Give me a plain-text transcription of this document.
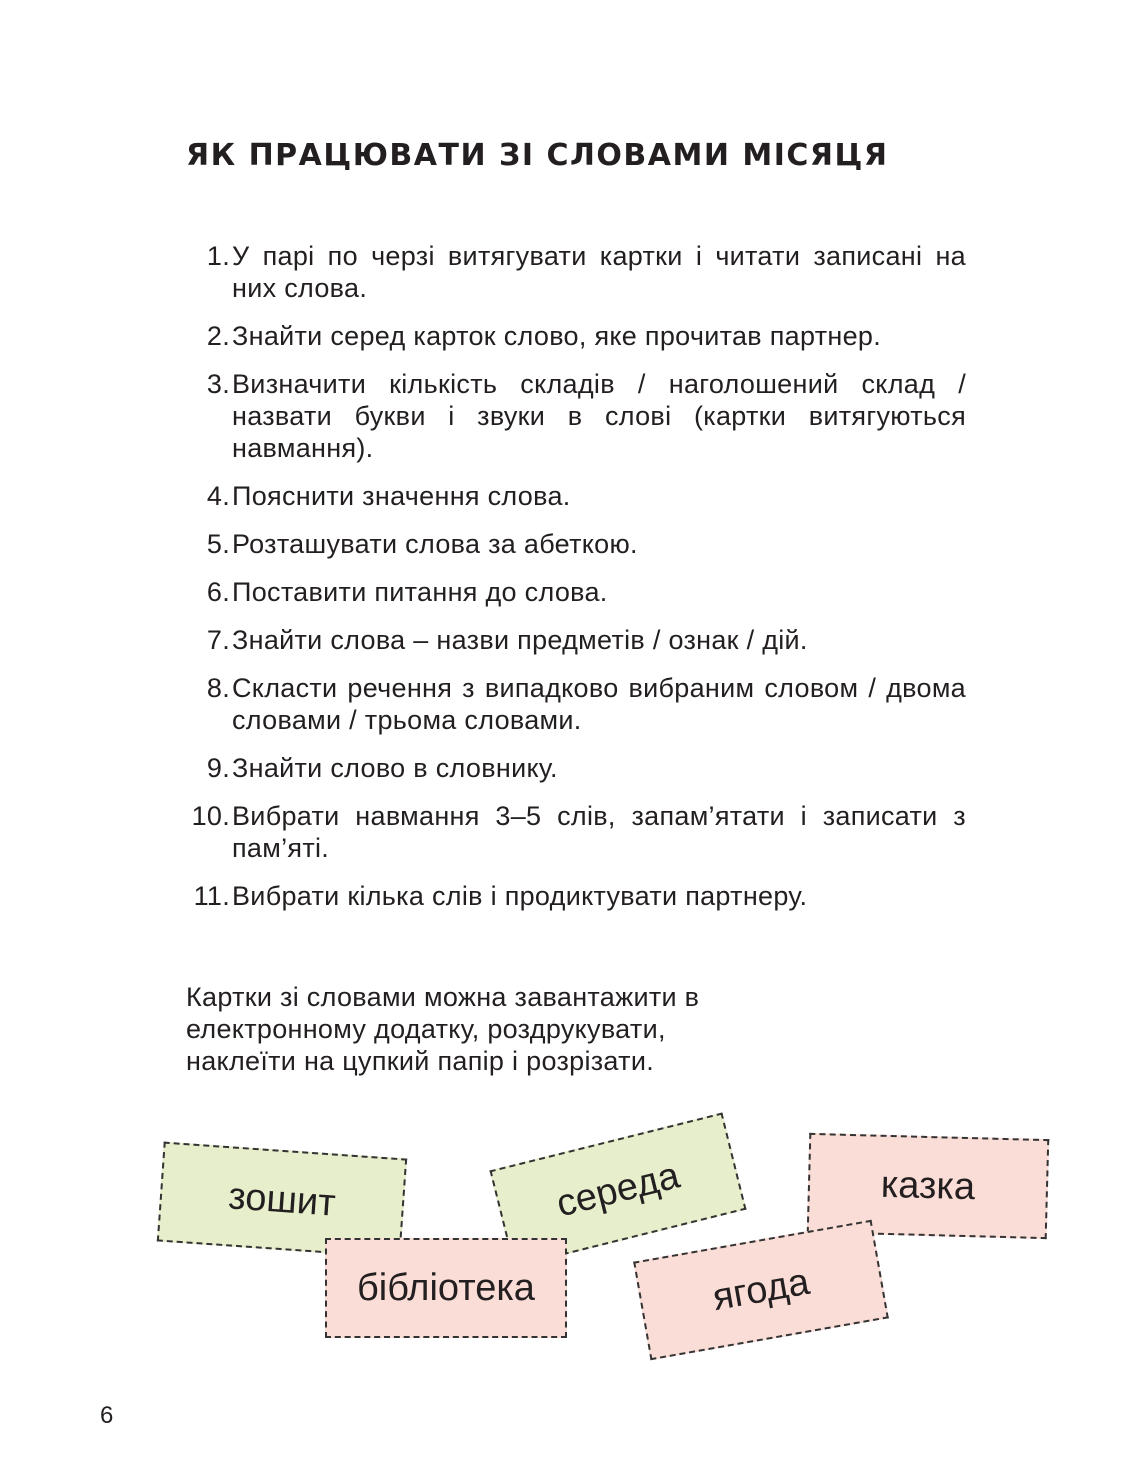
ЯК ПРАЦЮВАТИ ЗІ СЛОВАМИ МІСЯЦЯ
1. У парі по черзі витягувати картки і читати записані на них слова.
2. Знайти серед карток слово, яке прочитав партнер.
3. Визначити кількість складів / наголошений склад / назвати букви і звуки в слові (картки витягуються навмання).
4. Пояснити значення слова.
5. Розташувати слова за абеткою.
6. Поставити питання до слова.
7. Знайти слова – назви предметів / ознак / дій.
8. Скласти речення з випадково вибраним словом / двома словами / трьома словами.
9. Знайти слово в словнику.
10. Вибрати навмання 3–5 слів, запам’ятати і записати з пам’яті.
11. Вибрати кілька слів і продиктувати партнеру.

Картки зі словами можна завантажити в електронному додатку, роздрукувати, наклеїти на цупкий папір і розрізати.

зошит	середа	казка
бібліотека	ягода
6
